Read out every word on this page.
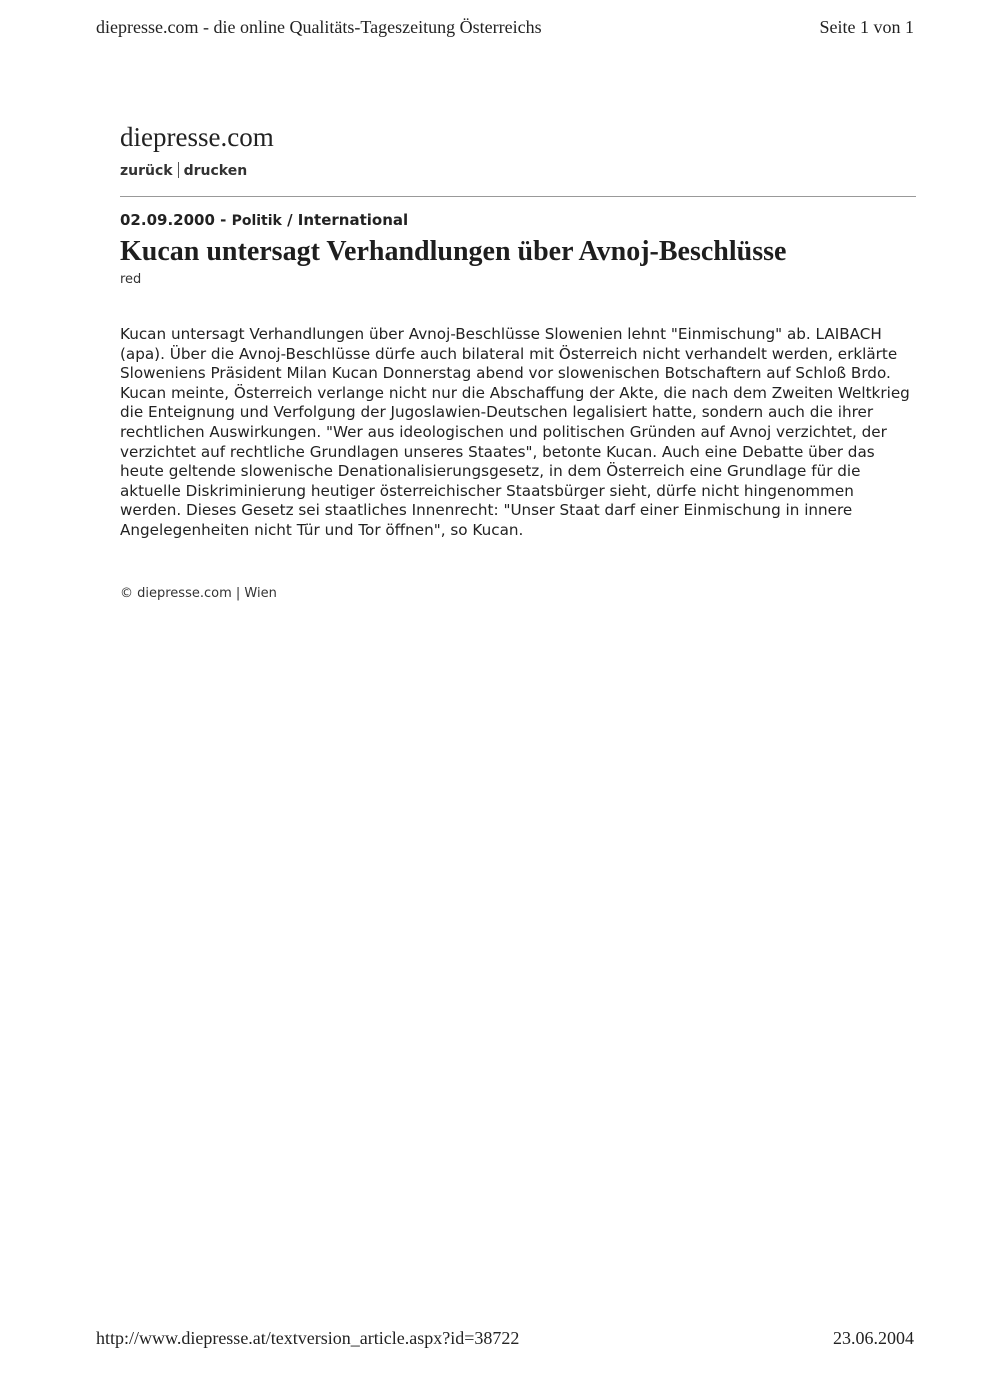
diepresse.com - die online Qualitäts-Tageszeitung Österreichs	Seite 1 von 1
diepresse.com
zurück drucken
02.09.2000 - Politik / International
Kucan untersagt Verhandlungen über Avnoj-Beschlüsse
red

Kucan untersagt Verhandlungen über Avnoj-Beschlüsse Slowenien lehnt "Einmischung" ab. LAIBACH (apa). Über die Avnoj-Beschlüsse dürfe auch bilateral mit Österreich nicht verhandelt werden, erklärte Sloweniens Präsident Milan Kucan Donnerstag abend vor slowenischen Botschaftern auf Schloß Brdo. Kucan meinte, Österreich verlange nicht nur die Abschaffung der Akte, die nach dem Zweiten Weltkrieg die Enteignung und Verfolgung der Jugoslawien-Deutschen legalisiert hatte, sondern auch die ihrer rechtlichen Auswirkungen. "Wer aus ideologischen und politischen Gründen auf Avnoj verzichtet, der verzichtet auf rechtliche Grundlagen unseres Staates", betonte Kucan. Auch eine Debatte über das heute geltende slowenische Denationalisierungsgesetz, in dem Österreich eine Grundlage für die aktuelle Diskriminierung heutiger österreichischer Staatsbürger sieht, dürfe nicht hingenommen werden. Dieses Gesetz sei staatliches Innenrecht: "Unser Staat darf einer Einmischung in innere Angelegenheiten nicht Tür und Tor öffnen", so Kucan.

© diepresse.com | Wien
http://www.diepresse.at/textversion_article.aspx?id=38722	23.06.2004
